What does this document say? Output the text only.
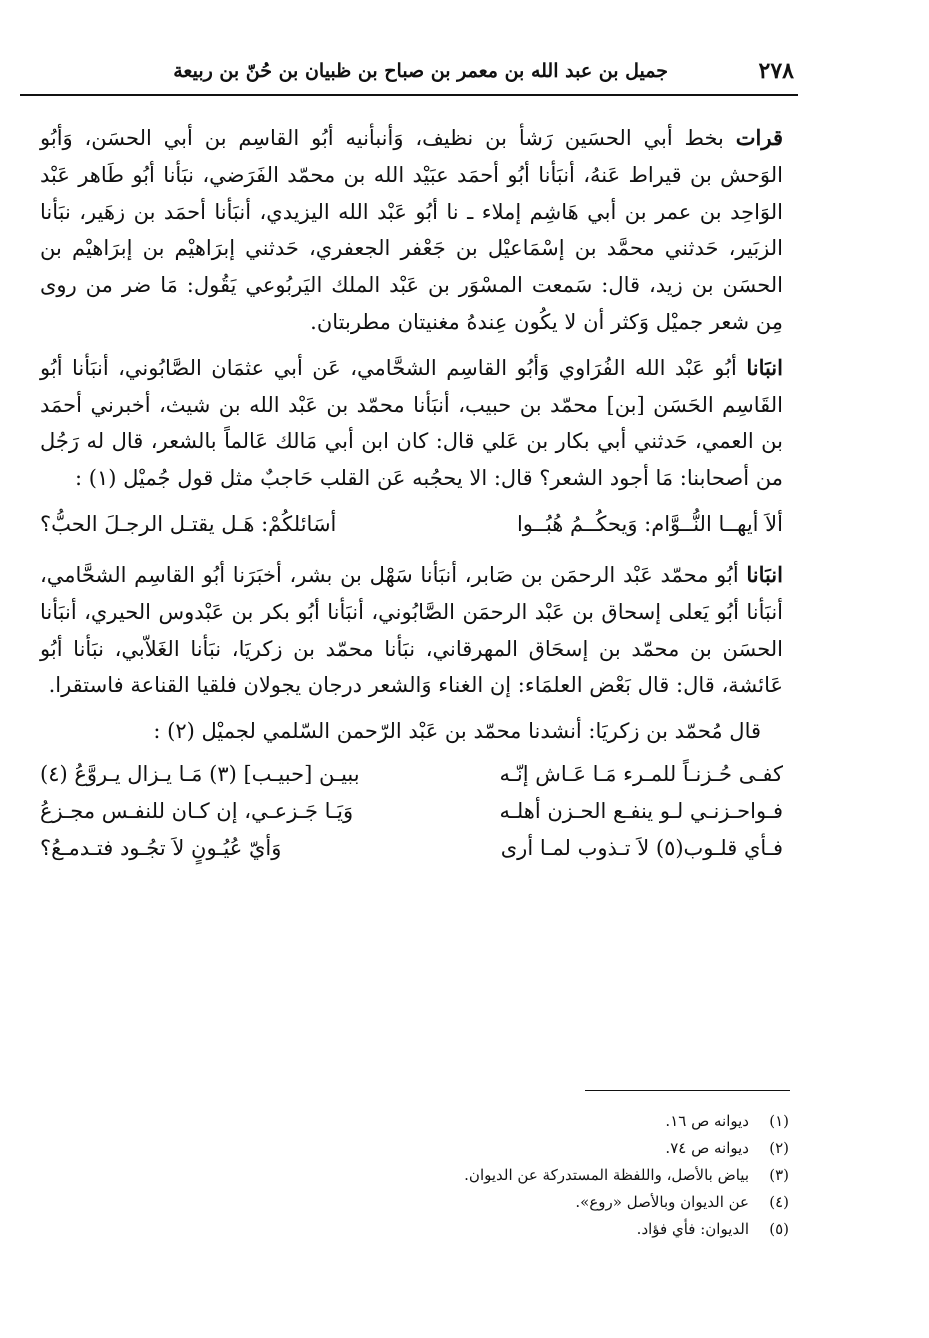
٢٧٨
جميل بن عبد الله بن معمر بن صباح بن ظبيان بن حُنّ بن ربيعة

قرات بخط أبي الحسَين رَشأ بن نظيف، وَأنبأنيه أبُو القاسِم بن أبي الحسَن، وَأبُو الوَحش بن قيراط عَنهُ، أنبَأنا أبُو أحمَد عبَيْد الله بن محمّد الفَرَضي، نبَأنا أبُو طَاهر عَبْد الوَاحِد بن عمر بن أبي هَاشِم إملاء ـ نا أبُو عَبْد الله اليزيدي، أنبَأنا أحمَد بن زهَير، نبَأنا الزبَير، حَدثني محمَّد بن إسْمَاعيْل بن جَعْفر الجعفري، حَدثني إبرَاهيْم بن إبرَاهيْم بن الحسَن بن زيد، قال: سَمعت المسْوَر بن عَبْد الملك اليَربُوعي يَقُول: مَا ضر من روى مِن شعر جميْل وَكثر أن لا يكُون عِندهُ مغنيتان مطربتان.

انبَانا أبُو عَبْد الله الفُرَاوي وَأبُو القاسِم الشحَّامي، عَن أبي عثمَان الصَّابُوني، أنبَأنا أبُو القَاسِم الحَسَن [بن] محمّد بن حبيب، أنبَأنا محمّد بن عَبْد الله بن شيث، أخبرني أحمَد بن العمي، حَدثني أبي بكار بن عَلي قال: كان ابن أبي مَالك عَالماً بالشعر، قال له رَجُل من أصحابنا: مَا أجود الشعر؟ قال: الا يحجُبه عَن القلب حَاجبٌ مثل قول جُميْل (١) :

ألاَ أيهــا النُّــوَّام: وَيحكُــمُ هُبُــوا
أسَائلكُمْ: هَـل يقتـل الرجـلَ الحبُّ؟

انبَانا أبُو محمّد عَبْد الرحمَن بن صَابر، أنبَأنا سَهْل بن بشر، أخبَرَنا أبُو القاسِم الشحَّامي، أنبَأنا أبُو يَعلى إسحاق بن عَبْد الرحمَن الصَّابُوني، أنبَأنا أبُو بكر بن عَبْدوس الحيري، أنبَأنا الحسَن بن محمّد بن إسحَاق المهرقاني، نبَأنا محمّد بن زكريَا، نبَأنا الغَلاّبي، نبَأنا أبُو عَائشة، قال: قال بَعْض العلمَاء: إن الغناء وَالشعر درجان يجولان فلقيا القناعة فاستقرا.

قال مُحمّد بن زكريَا: أنشدنا محمّد بن عَبْد الرّحمن السّلمي لجميْل (٢) :

كفـى حُـزنـاً للمـرء مَـا عَـاش إنّـه
ببيـن [حبيـب] (٣) مَـا يـزال يـروَّعُ (٤)
فـواحـزنـي لـو ينفـع الحـزن أهلـه
وَيَـا جَـزعـي، إن كـان للنفـس مجـزعُ
فـأي قلـوب(٥) لاَ تـذوب لمـا أرى
وَأيّ عُيُـونٍ لاَ تجُـود فتـدمـعُ؟
(١)ديوانه ص ١٦.
(٢)ديوانه ص ٧٤.
(٣)بياض بالأصل، واللفظة المستدركة عن الديوان.
(٤)عن الديوان وبالأصل «روع».
(٥)الديوان: فأي فؤاد.
